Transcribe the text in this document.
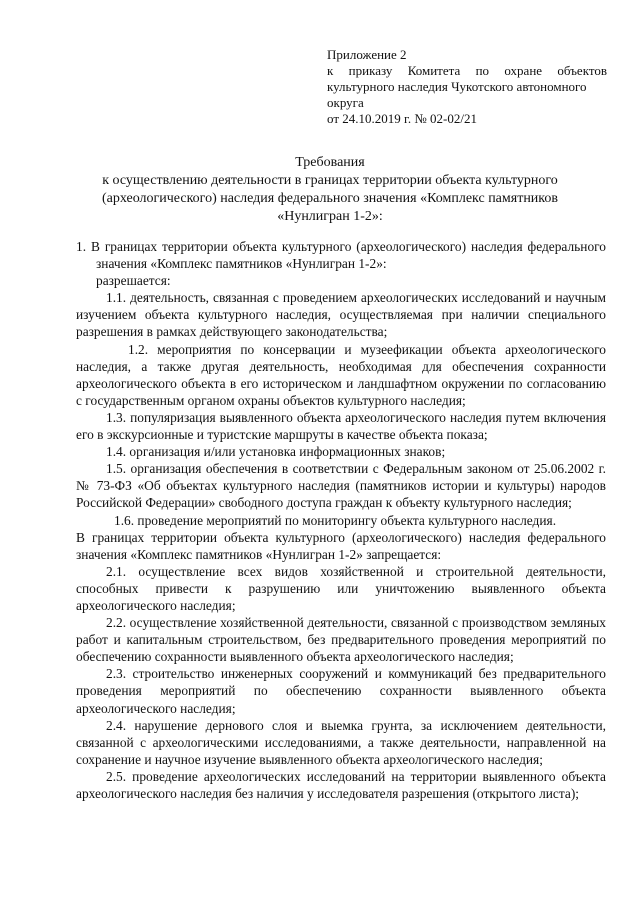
Приложение 2
к приказу Комитета по охране объектов
культурного наследия Чукотского автономного
округа
от 24.10.2019 г. № 02-02/21
Требования
к осуществлению деятельности в границах территории объекта культурного
(археологического) наследия федерального значения «Комплекс памятников
«Нунлигран 1-2»:

1. В границах территории объекта культурного (археологического) наследия федерального значения «Комплекс памятников «Нунлигран 1-2»:

разрешается:

1.1. деятельность, связанная с проведением археологических исследований и научным изучением объекта культурного наследия, осуществляемая при наличии специального разрешения в рамках действующего законодательства;

1.2. мероприятия по консервации и музеефикации объекта археологического наследия, а также другая деятельность, необходимая для обеспечения сохранности археологического объекта в его историческом и ландшафтном окружении по согласованию с государственным органом охраны объектов культурного наследия;

1.3. популяризация выявленного объекта археологического наследия путем включения его в экскурсионные и туристские маршруты в качестве объекта показа;

1.4. организация и/или установка информационных знаков;

1.5. организация обеспечения в соответствии с Федеральным законом от 25.06.2002 г. № 73-ФЗ «Об объектах культурного наследия (памятников истории и культуры) народов Российской Федерации» свободного доступа граждан к объекту культурного наследия;

1.6. проведение мероприятий по мониторингу объекта культурного наследия.

В границах территории объекта культурного (археологического) наследия федерального значения «Комплекс памятников «Нунлигран 1-2» запрещается:

2.1. осуществление всех видов хозяйственной и строительной деятельности, способных привести к разрушению или уничтожению выявленного объекта археологического наследия;

2.2. осуществление хозяйственной деятельности, связанной с производством земляных работ и капитальным строительством, без предварительного проведения мероприятий по обеспечению сохранности выявленного объекта археологического наследия;

2.3. строительство инженерных сооружений и коммуникаций без предварительного проведения мероприятий по обеспечению сохранности выявленного объекта археологического наследия;

2.4. нарушение дернового слоя и выемка грунта, за исключением деятельности, связанной с археологическими исследованиями, а также деятельности, направленной на сохранение и научное изучение выявленного объекта археологического наследия;

2.5. проведение археологических исследований на территории выявленного объекта археологического наследия без наличия у исследователя разрешения (открытого листа);
